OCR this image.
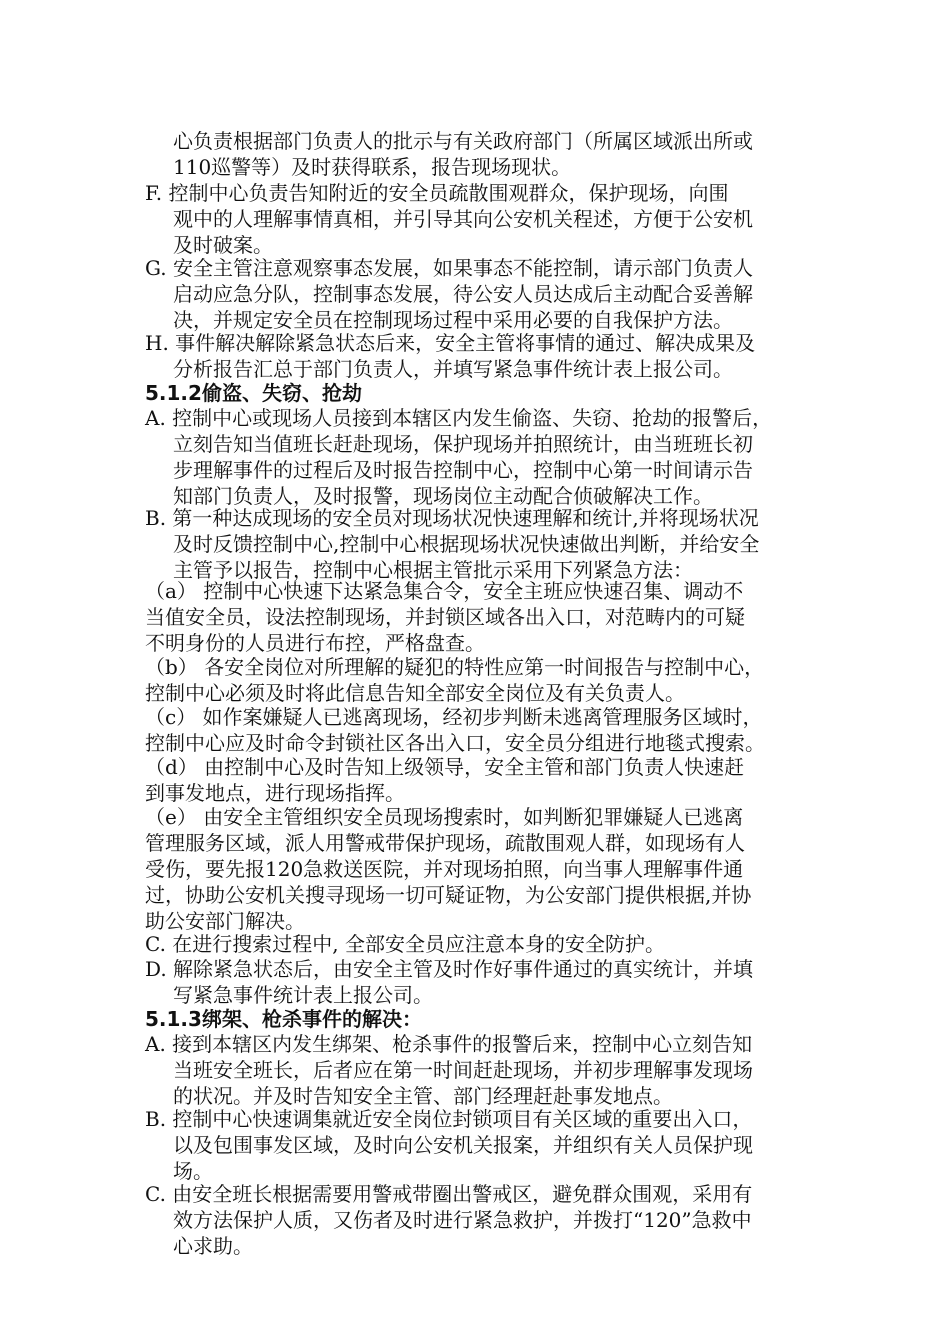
心负责根据部门负责人的批示与有关政府部门（所属区域派出所或
110巡警等）及时获得联系，报告现场现状。
F. 控制中心负责告知附近的安全员疏散围观群众，保护现场，向围
观中的人理解事情真相，并引导其向公安机关程述，方便于公安机
及时破案。
G. 安全主管注意观察事态发展，如果事态不能控制，请示部门负责人
启动应急分队，控制事态发展，待公安人员达成后主动配合妥善解
决，并规定安全员在控制现场过程中采用必要的自我保护方法。
H. 事件解决解除紧急状态后来，安全主管将事情的通过、解决成果及
分析报告汇总于部门负责人，并填写紧急事件统计表上报公司。
5.1.2偷盗、失窃、抢劫
A. 控制中心或现场人员接到本辖区内发生偷盗、失窃、抢劫的报警后，
立刻告知当值班长赶赴现场，保护现场并拍照统计，由当班班长初
步理解事件的过程后及时报告控制中心，控制中心第一时间请示告
知部门负责人，及时报警，现场岗位主动配合侦破解决工作。
B. 第一种达成现场的安全员对现场状况快速理解和统计,并将现场状况
及时反馈控制中心,控制中心根据现场状况快速做出判断，并给安全
主管予以报告，控制中心根据主管批示采用下列紧急方法：
（a） 控制中心快速下达紧急集合令，安全主班应快速召集、调动不
当值安全员，设法控制现场，并封锁区域各出入口，对范畴内的可疑
不明身份的人员进行布控，严格盘查。
（b） 各安全岗位对所理解的疑犯的特性应第一时间报告与控制中心，
控制中心必须及时将此信息告知全部安全岗位及有关负责人。
（c） 如作案嫌疑人已逃离现场，经初步判断未逃离管理服务区域时，
控制中心应及时命令封锁社区各出入口，安全员分组进行地毯式搜索。
（d） 由控制中心及时告知上级领导，安全主管和部门负责人快速赶
到事发地点，进行现场指挥。
（e） 由安全主管组织安全员现场搜索时，如判断犯罪嫌疑人已逃离
管理服务区域，派人用警戒带保护现场，疏散围观人群，如现场有人
受伤，要先报120急救送医院，并对现场拍照，向当事人理解事件通
过，协助公安机关搜寻现场一切可疑证物，为公安部门提供根据,并协
助公安部门解决。
C. 在进行搜索过程中, 全部安全员应注意本身的安全防护。
D. 解除紧急状态后，由安全主管及时作好事件通过的真实统计，并填
写紧急事件统计表上报公司。
5.1.3绑架、枪杀事件的解决：
A. 接到本辖区内发生绑架、枪杀事件的报警后来，控制中心立刻告知
当班安全班长，后者应在第一时间赶赴现场，并初步理解事发现场
的状况。并及时告知安全主管、部门经理赶赴事发地点。
B. 控制中心快速调集就近安全岗位封锁项目有关区域的重要出入口，
以及包围事发区域，及时向公安机关报案，并组织有关人员保护现
场。
C. 由安全班长根据需要用警戒带圈出警戒区，避免群众围观，采用有
效方法保护人质，又伤者及时进行紧急救护，并拨打“120”急救中
心求助。
